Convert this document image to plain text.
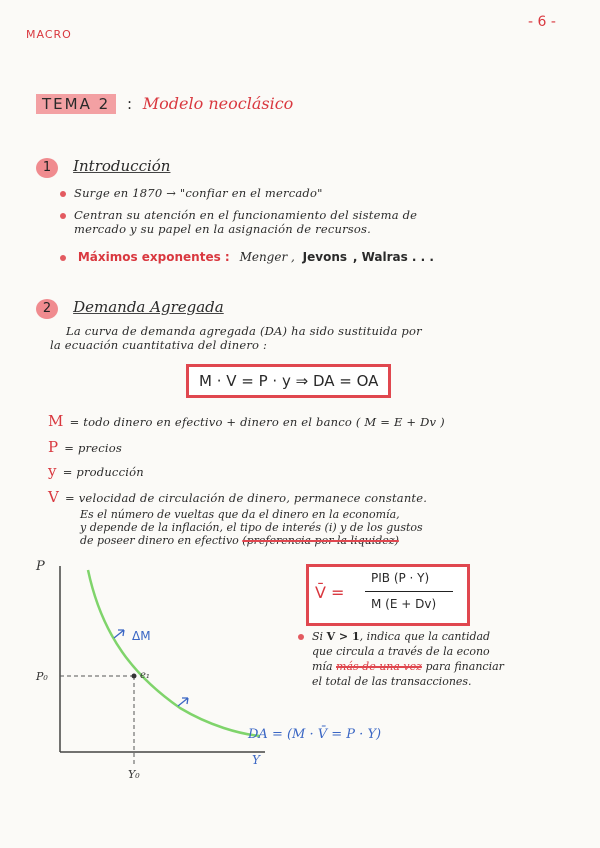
MACRO
- 6 -
TEMA 2 : Modelo neoclásico
1 Introducción
Surge en 1870 → "confiar en el mercado"
Centran su atención en el funcionamiento del sistema de
mercado y su papel en la asignación de recursos.
Máximos exponentes : Menger , Jevons , Walras . . .
2 Demanda Agregada
La curva de demanda agregada (DA) ha sido sustituida por
la ecuación cuantitativa del dinero :
M · V = P · y ⇒ DA = OA
M = todo dinero en efectivo + dinero en el banco ( M = E + Dv )
P = precios
y = producción
V = velocidad de circulación de dinero, permanece constante.
Es el número de vueltas que da el dinero en la economía,
y depende de la inflación, el tipo de interés (i) y de los gustos
de poseer dinero en efectivo (preferencia por la liquidez)
V̄ =
PIB (P · Y)
M (E + Dv)
Si V > 1, indica que la cantidad
que circula a través de la econo
mía más de una vez para financiar
el total de las transacciones.
P
Y
P₀
Y₀
e₁
ΔM
DA = (M · V̄ = P · Y)
